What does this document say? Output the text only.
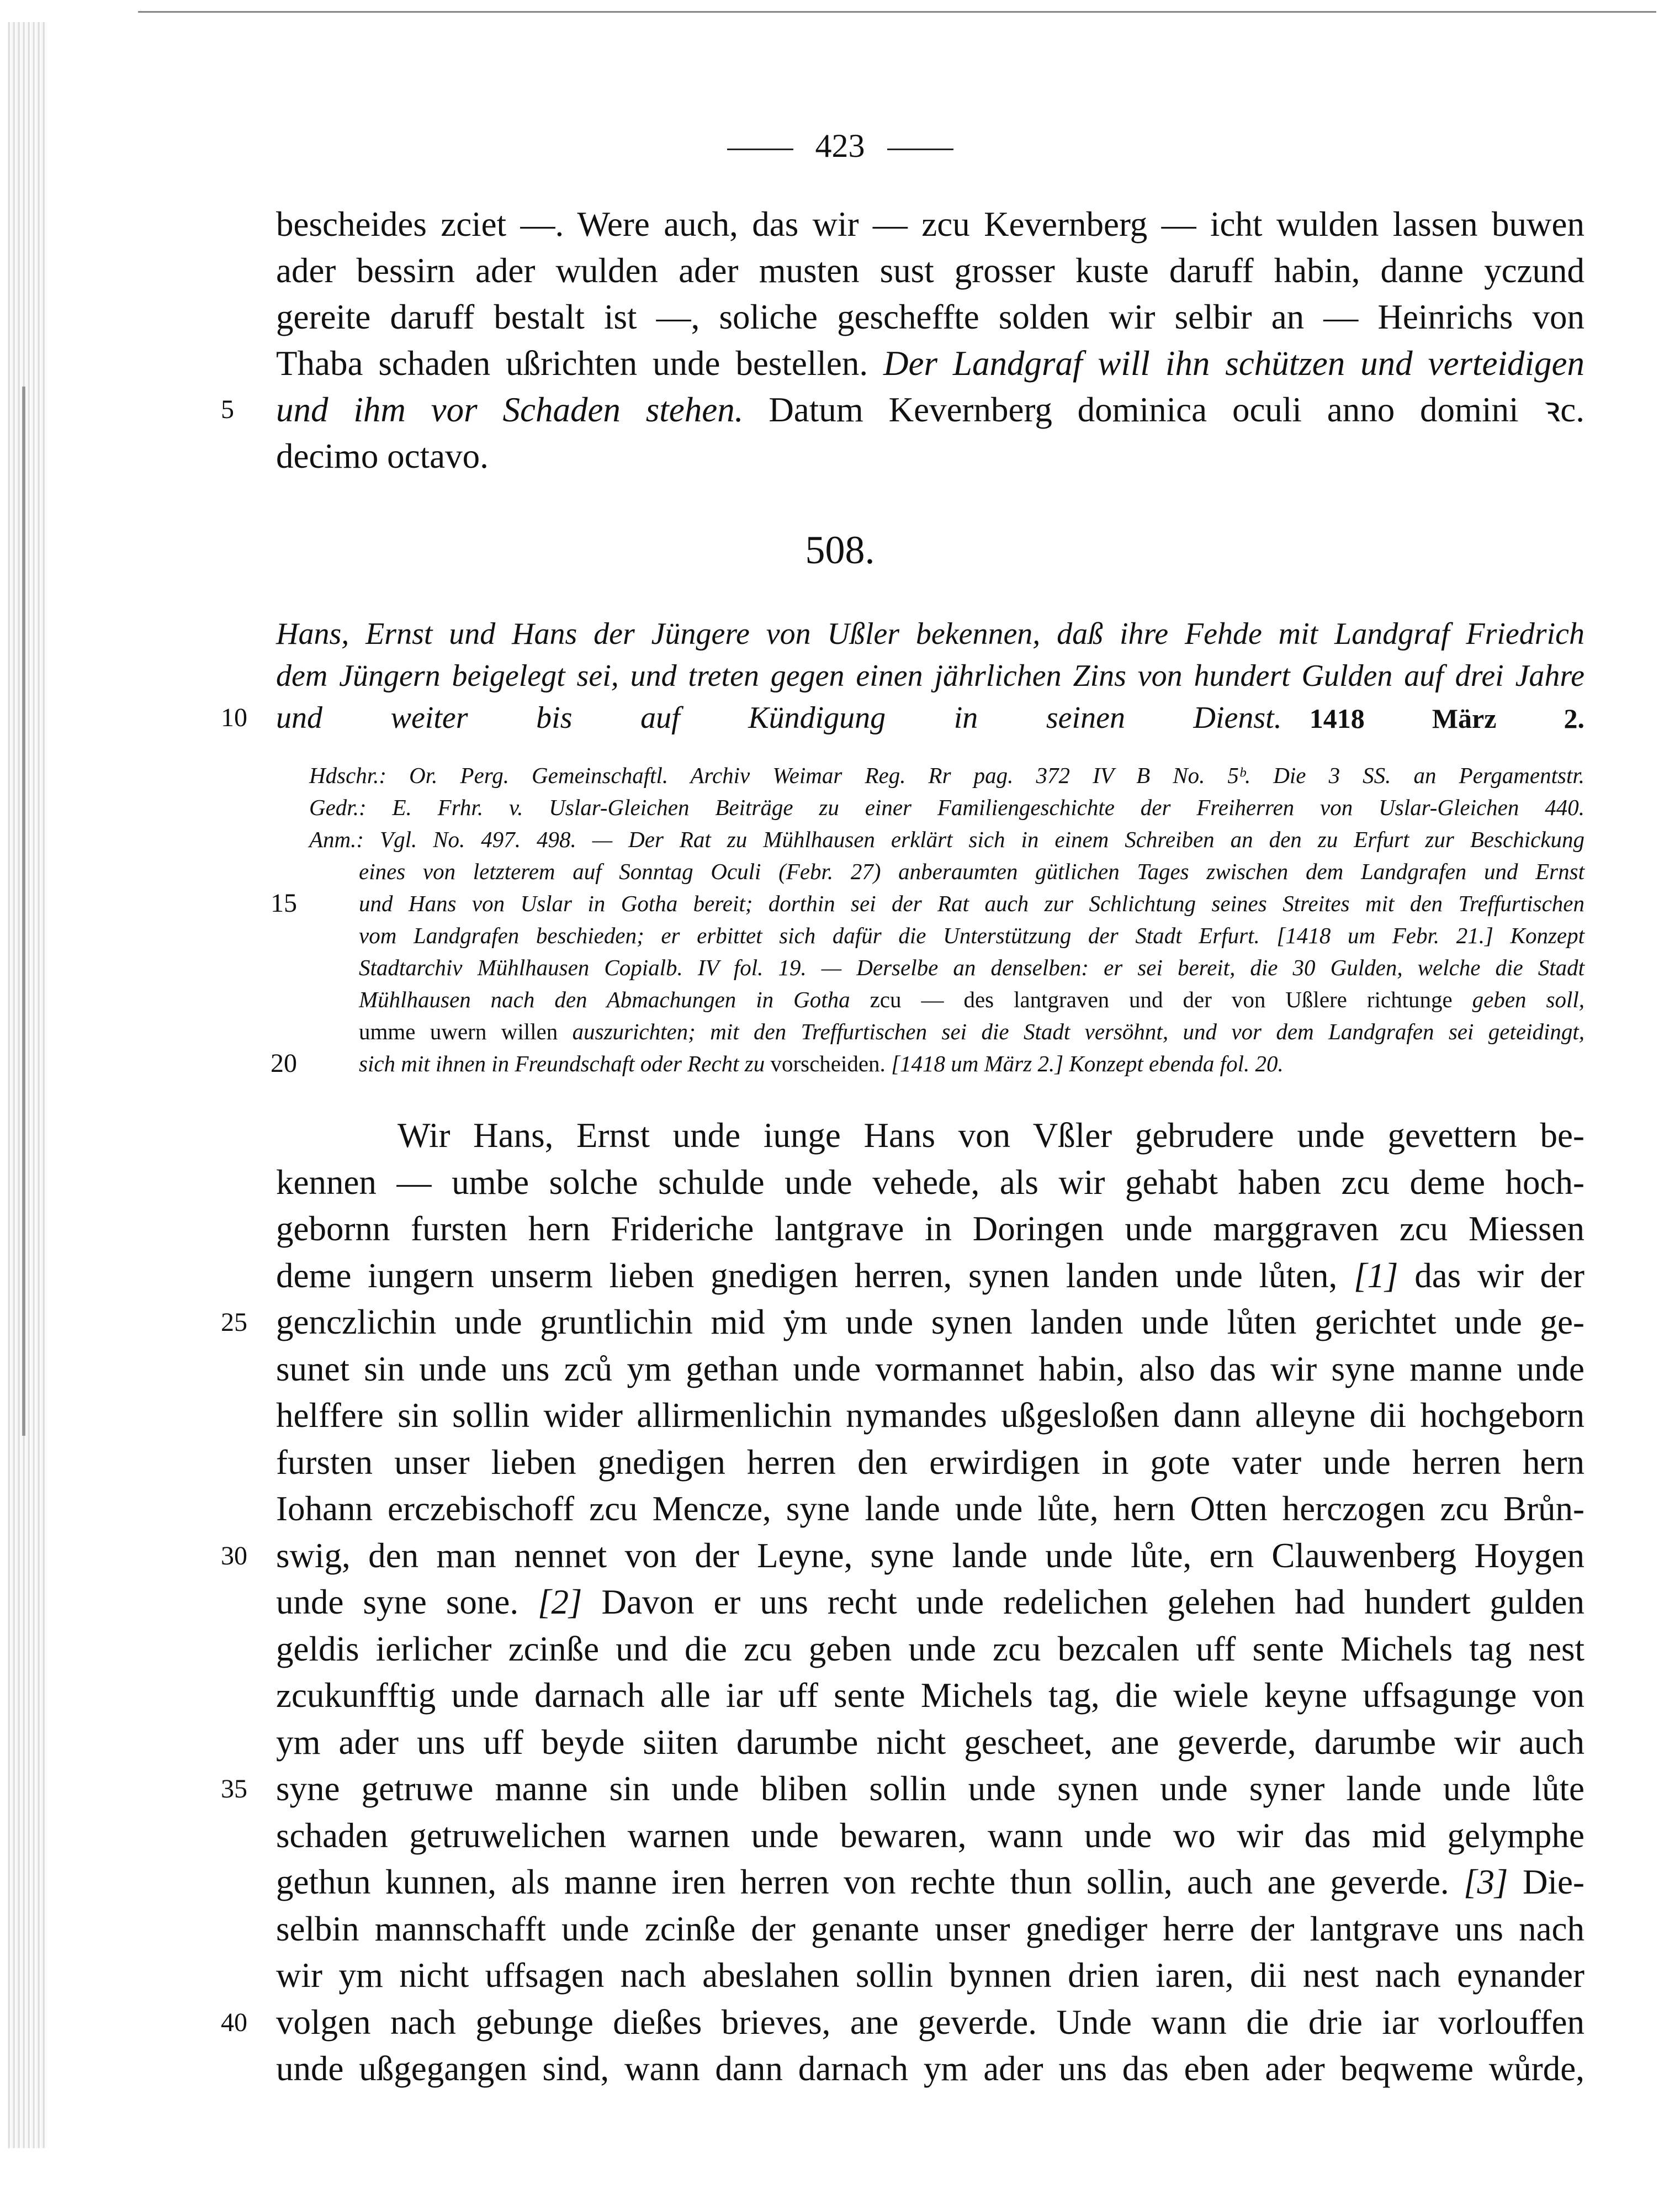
423
bescheides zciet —. Were auch, das wir — zcu Kevernberg — icht wulden lassen buwen
ader bessirn ader wulden ader musten sust grosser kuste daruff habin, danne yczund
gereite daruff bestalt ist —, soliche gescheffte solden wir selbir an — Heinrichs von
Thaba schaden ußrichten unde bestellen. Der Landgraf will ihn schützen und verteidigen
5	und ihm vor Schaden stehen. Datum Kevernberg dominica oculi anno domini ꝛc.
decimo octavo.
508.
Hans, Ernst und Hans der Jüngere von Ußler bekennen, daß ihre Fehde mit Landgraf Friedrich
dem Jüngern beigelegt sei, und treten gegen einen jährlichen Zins von hundert Gulden auf drei Jahre
10 und weiter bis auf Kündigung in seinen Dienst. 1418 März 2.
Hdschr.: Or. Perg. Gemeinschaftl. Archiv Weimar Reg. Rr pag. 372 IV B No. 5ᵇ. Die 3 SS. an Pergamentstr.
Gedr.: E. Frhr. v. Uslar-Gleichen Beiträge zu einer Familiengeschichte der Freiherren von Uslar-Gleichen 440.
Anm.: Vgl. No. 497. 498. — Der Rat zu Mühlhausen erklärt sich in einem Schreiben an den zu Erfurt zur Beschickung
eines von letzterem auf Sonntag Oculi (Febr. 27) anberaumten gütlichen Tages zwischen dem Landgrafen und Ernst
15	und Hans von Uslar in Gotha bereit; dorthin sei der Rat auch zur Schlichtung seines Streites mit den Treffurtischen
vom Landgrafen beschieden; er erbittet sich dafür die Unterstützung der Stadt Erfurt. [1418 um Febr. 21.] Konzept
Stadtarchiv Mühlhausen Copialb. IV fol. 19. — Derselbe an denselben: er sei bereit, die 30 Gulden, welche die Stadt
Mühlhausen nach den Abmachungen in Gotha zcu — des lantgraven und der von Ußlere richtunge geben soll,
umme uwern willen auszurichten; mit den Treffurtischen sei die Stadt versöhnt, und vor dem Landgrafen sei geteidingt,
20	sich mit ihnen in Freundschaft oder Recht zu vorscheiden. [1418 um März 2.] Konzept ebenda fol. 20.
Wir Hans, Ernst unde iunge Hans von Vßler gebrudere unde gevettern be-
kennen — umbe solche schulde unde vehede, als wir gehabt haben zcu deme hoch-
gebornn fursten hern Frideriche lantgrave in Doringen unde marggraven zcu Miessen
deme iungern unserm lieben gnedigen herren, synen landen unde lůten, [1] das wir der
25 genczlichin unde gruntlichin mid ẏm unde synen landen unde lůten gerichtet unde ge-
sunet sin unde uns zců ym gethan unde vormannet habin, also das wir syne manne unde
helffere sin sollin wider allirmenlichin nymandes ußgesloßen dann alleyne dii hochgeborn
fursten unser lieben gnedigen herren den erwirdigen in gote vater unde herren hern
Iohann erczebischoff zcu Mencze, syne lande unde lůte, hern Otten herczogen zcu Brůn-
30 swig, den man nennet von der Leyne, syne lande unde lůte, ern Clauwenberg Hoygen
unde syne sone. [2] Davon er uns recht unde redelichen gelehen had hundert gulden
geldis ierlicher zcinße und die zcu geben unde zcu bezcalen uff sente Michels tag nest
zcukunfftig unde darnach alle iar uff sente Michels tag, die wiele keyne uffsagunge von
ym ader uns uff beyde siiten darumbe nicht gescheet, ane geverde, darumbe wir auch
35 syne getruwe manne sin unde bliben sollin unde synen unde syner lande unde lůte
schaden getruwelichen warnen unde bewaren, wann unde wo wir das mid gelymphe
gethun kunnen, als manne iren herren von rechte thun sollin, auch ane geverde. [3] Die-
selbin mannschafft unde zcinße der genante unser gnediger herre der lantgrave uns nach
wir ym nicht uffsagen nach abeslahen sollin bynnen drien iaren, dii nest nach eynander
40 volgen nach gebunge dießes brieves, ane geverde. Unde wann die drie iar vorlouffen
unde ußgegangen sind, wann dann darnach ym ader uns das eben ader beqweme wůrde,
